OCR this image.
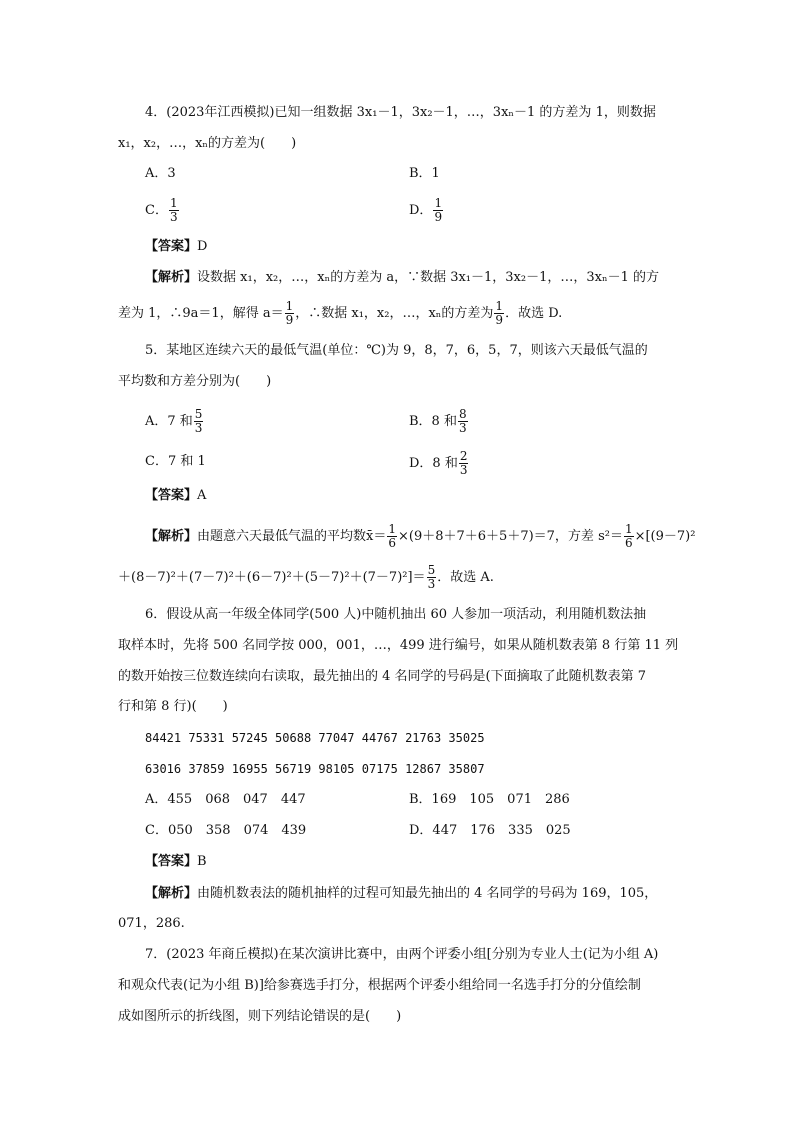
4．(2023年江西模拟)已知一组数据 3x₁－1，3x₂－1，…，3xₙ－1 的方差为 1，则数据
x₁，x₂，…，xₙ的方差为(　　)
A．3	B．1
C． $\frac{1}{3}$	D． $\frac{1}{9}$
【答案】D
【解析】设数据 x₁，x₂，…，xₙ的方差为 a，∵数据 3x₁－1，3x₂－1，…，3xₙ－1 的方
差为 1，∴9a＝1，解得 $a= \frac{1}{9}$ ，∴数据 x₁，x₂，…，xₙ的方差为 $\frac{1}{9}$ ．故选 D.
5．某地区连续六天的最低气温(单位：℃)为 9，8，7，6，5，7，则该六天最低气温的
平均数和方差分别为(　　)
A．7 和 $\frac{5}{3}$	B．8 和 $\frac{8}{3}$
C．7 和 1	D．8 和 $\frac{2}{3}$
【答案】A
【解析】由题意六天最低气温的平均数x̄＝ $\frac{1}{6} \times(9+8+7+6+5+7)=7$，方差 $s^2= \frac{1}{6} \times[(9-7)^2$
$+(8-7)^2+(7-7)^2+(6-7)^2+(5-7)^2+(7-7)^2]= \frac{5}{3}$ ．故选 A.
6．假设从高一年级全体同学(500 人)中随机抽出 60 人参加一项活动，利用随机数法抽
取样本时，先将 500 名同学按 000，001，…，499 进行编号，如果从随机数表第 8 行第 11 列
的数开始按三位数连续向右读取，最先抽出的 4 名同学的号码是(下面摘取了此随机数表第 7
行和第 8 行)(　　)
84421 75331 57245 50688 77047 44767 21763 35025
63016 37859 16955 56719 98105 07175 12867 35807
A．455　068　047　447	B．169　105　071　286
C．050　358　074　439	D．447　176　335　025
【答案】B
【解析】由随机数表法的随机抽样的过程可知最先抽出的 4 名同学的号码为 169，105，
071，286.
7．(2023 年商丘模拟)在某次演讲比赛中，由两个评委小组[分别为专业人士(记为小组 A)
和观众代表(记为小组 B)]给参赛选手打分，根据两个评委小组给同一名选手打分的分值绘制
成如图所示的折线图，则下列结论错误的是(　　)
